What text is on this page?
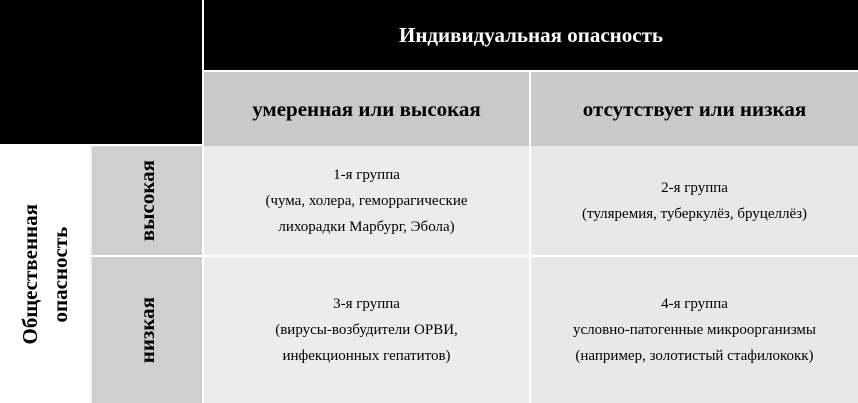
Индивидуальная опасность
умеренная или высокая	отсутствует или низкая
Общественная опасность
высокая
низкая
1-я группа
(чума, холера, геморрагические
лихорадки Марбург, Эбола)
2-я группа
(туляремия, туберкулёз, бруцеллёз)
3-я группа
(вирусы-возбудители ОРВИ,
инфекционных гепатитов)
4-я группа
условно-патогенные микроорганизмы
(например, золотистый стафилококк)
